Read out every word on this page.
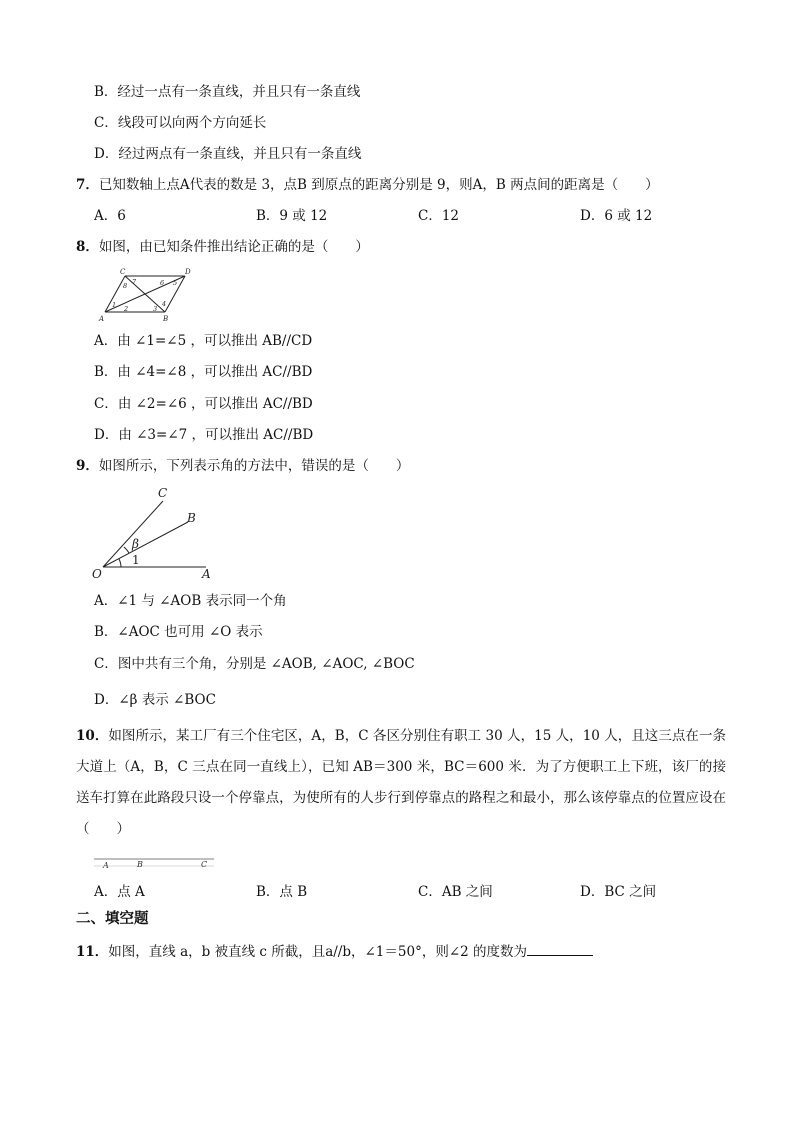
B．经过一点有一条直线，并且只有一条直线
C．线段可以向两个方向延长
D．经过两点有一条直线，并且只有一条直线
7．已知数轴上点A代表的数是 3，点B 到原点的距离分别是 9，则A，B 两点间的距离是（　　）
A．6	B．9 或 12	C．12	D．6 或 12
8．如图，由已知条件推出结论正确的是（　　）
C	D
A	B
1 2	3
4
5
6
7
8
A．由 ∠1=∠5 ，可以推出 AB//CD
B．由 ∠4=∠8 ，可以推出 AC//BD
C．由 ∠2=∠6 ，可以推出 AC//BD
D．由 ∠3=∠7 ，可以推出 AC//BD
9．如图所示，下列表示角的方法中，错误的是（　　）
C
B
O	A
β
1
A．∠1 与 ∠AOB 表示同一个角
B．∠AOC 也可用 ∠O 表示
C．图中共有三个角，分别是 ∠AOB, ∠AOC, ∠BOC
D．∠β 表示 ∠BOC
10．如图所示，某工厂有三个住宅区，A，B，C 各区分别住有职工 30 人，15 人，10 人，且这三点在一条大道上（A，B，C 三点在同一直线上），已知 AB＝300 米，BC＝600 米．为了方便职工上下班，该厂的接送车打算在此路段只设一个停靠点，为使所有的人步行到停靠点的路程之和最小，那么该停靠点的位置应设在（　　）
A	B	C
A．点 A	B．点 B	C．AB 之间	D．BC 之间
二、填空题
11．如图，直线 a，b 被直线 c 所截，且a//b，∠1＝50°，则∠2 的度数为
